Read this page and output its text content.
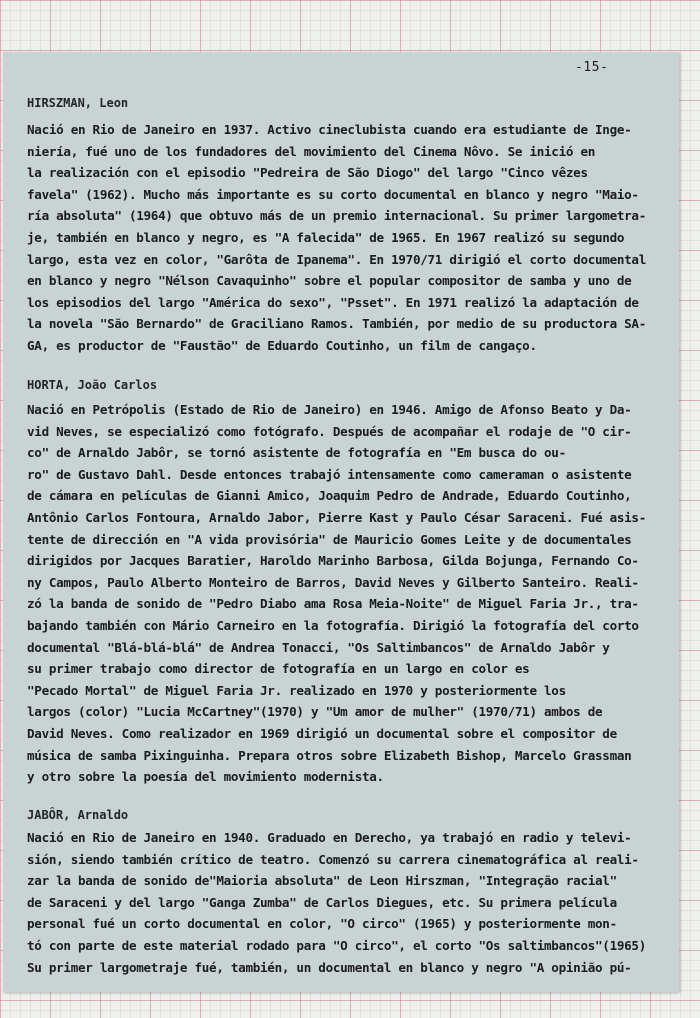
-15-
HIRSZMAN, Leon
Nació en Rio de Janeiro en 1937. Activo cineclubista cuando era estudiante de Inge-
niería, fué uno de los fundadores del movimiento del Cinema Nôvo. Se inició en
la realización con el episodio "Pedreira de São Diogo" del largo "Cinco vêzes
favela" (1962). Mucho más importante es su corto documental en blanco y negro "Maio-
ría absoluta" (1964) que obtuvo más de un premio internacional. Su primer largometra-
je, también en blanco y negro, es "A falecida" de 1965. En 1967 realizó su segundo
largo, esta vez en color, "Garôta de Ipanema". En 1970/71 dirigió el corto documental
en blanco y negro "Nélson Cavaquinho" sobre el popular compositor de samba y uno de
los episodios del largo "América do sexo", "Psset". En 1971 realizó la adaptación de
la novela "São Bernardo" de Graciliano Ramos. También, por medio de su productora SA-
GA, es productor de "Faustão" de Eduardo Coutinho, un film de cangaço.
HORTA, João Carlos
Nació en Petrópolis (Estado de Rio de Janeiro) en 1946. Amigo de Afonso Beato y Da-
vid Neves, se especializó como fotógrafo. Después de acompañar el rodaje de "O cir-
co" de Arnaldo Jabôr, se tornó asistente de fotografía en "Em busca do ou-
ro" de Gustavo Dahl. Desde entonces trabajó intensamente como cameraman o asistente
de cámara en películas de Gianni Amico, Joaquim Pedro de Andrade, Eduardo Coutinho,
Antônio Carlos Fontoura, Arnaldo Jabor, Pierre Kast y Paulo César Saraceni. Fué asis-
tente de dirección en "A vida provisória" de Mauricio Gomes Leite y de documentales
dirigidos por Jacques Baratier, Haroldo Marinho Barbosa, Gilda Bojunga, Fernando Co-
ny Campos, Paulo Alberto Monteiro de Barros, David Neves y Gilberto Santeiro. Reali-
zó la banda de sonido de "Pedro Diabo ama Rosa Meia-Noite" de Miguel Faria Jr., tra-
bajando también con Mário Carneiro en la fotografía. Dirigió la fotografía del corto
documental "Blá-blá-blá" de Andrea Tonacci, "Os Saltimbancos" de Arnaldo Jabôr y
su primer trabajo como director de fotografía en un largo en color es
"Pecado Mortal" de Miguel Faria Jr. realizado en 1970 y posteriormente los
largos (color) "Lucia McCartney"(1970) y "Um amor de mulher" (1970/71) ambos de
David Neves. Como realizador en 1969 dirigió un documental sobre el compositor de
música de samba Pixinguinha. Prepara otros sobre Elizabeth Bishop, Marcelo Grassman
y otro sobre la poesía del movimiento modernista.
JABÔR, Arnaldo
Nació en Rio de Janeiro en 1940. Graduado en Derecho, ya trabajó en radio y televi-
sión, siendo también crítico de teatro. Comenzó su carrera cinematográfica al reali-
zar la banda de sonido de"Maioria absoluta" de Leon Hirszman, "Integração racial"
de Saraceni y del largo "Ganga Zumba" de Carlos Diegues, etc. Su primera película
personal fué un corto documental en color, "O circo" (1965) y posteriormente mon-
tó con parte de este material rodado para "O circo", el corto "Os saltimbancos"(1965)
Su primer largometraje fué, también, un documental en blanco y negro "A opinião pú-
